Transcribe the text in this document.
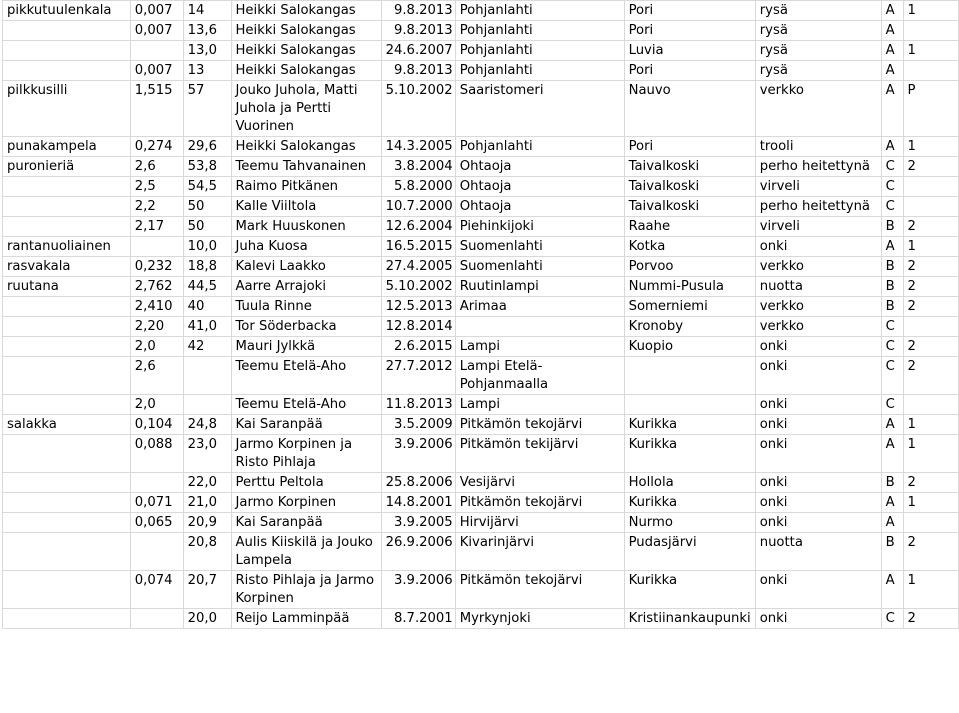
pikkutuulenkala	0,007	14	Heikki Salokangas	9.8.2013	Pohjanlahti	Pori	rysä	A	1
	0,007	13,6	Heikki Salokangas	9.8.2013	Pohjanlahti	Pori	rysä	A	
		13,0	Heikki Salokangas	24.6.2007	Pohjanlahti	Luvia	rysä	A	1
	0,007	13	Heikki Salokangas	9.8.2013	Pohjanlahti	Pori	rysä	A	
pilkkusilli	1,515	57	Jouko Juhola, Matti Juhola ja Pertti Vuorinen	5.10.2002	Saaristomeri	Nauvo	verkko	A	P
punakampela	0,274	29,6	Heikki Salokangas	14.3.2005	Pohjanlahti	Pori	trooli	A	1
puronieriä	2,6	53,8	Teemu Tahvanainen	3.8.2004	Ohtaoja	Taivalkoski	perho heitettynä	C	2
	2,5	54,5	Raimo Pitkänen	5.8.2000	Ohtaoja	Taivalkoski	virveli	C	
	2,2	50	Kalle Viiltola	10.7.2000	Ohtaoja	Taivalkoski	perho heitettynä	C	
	2,17	50	Mark Huuskonen	12.6.2004	Piehinkijoki	Raahe	virveli	B	2
rantanuoliainen		10,0	Juha Kuosa	16.5.2015	Suomenlahti	Kotka	onki	A	1
rasvakala	0,232	18,8	Kalevi Laakko	27.4.2005	Suomenlahti	Porvoo	verkko	B	2
ruutana	2,762	44,5	Aarre Arrajoki	5.10.2002	Ruutinlampi	Nummi-Pusula	nuotta	B	2
	2,410	40	Tuula Rinne	12.5.2013	Arimaa	Somerniemi	verkko	B	2
	2,20	41,0	Tor Söderbacka	12.8.2014		Kronoby	verkko	C	
	2,0	42	Mauri Jylkkä	2.6.2015	Lampi	Kuopio	onki	C	2
	2,6		Teemu Etelä-Aho	27.7.2012	Lampi Etelä-Pohjanmaalla		onki	C	2
	2,0		Teemu Etelä-Aho	11.8.2013	Lampi		onki	C	
salakka	0,104	24,8	Kai Saranpää	3.5.2009	Pitkämön tekojärvi	Kurikka	onki	A	1
	0,088	23,0	Jarmo Korpinen ja Risto Pihlaja	3.9.2006	Pitkämön tekijärvi	Kurikka	onki	A	1
		22,0	Perttu Peltola	25.8.2006	Vesijärvi	Hollola	onki	B	2
	0,071	21,0	Jarmo Korpinen	14.8.2001	Pitkämön tekojärvi	Kurikka	onki	A	1
	0,065	20,9	Kai Saranpää	3.9.2005	Hirvijärvi	Nurmo	onki	A	
		20,8	Aulis Kiiskilä ja Jouko Lampela	26.9.2006	Kivarinjärvi	Pudasjärvi	nuotta	B	2
	0,074	20,7	Risto Pihlaja ja Jarmo Korpinen	3.9.2006	Pitkämön tekojärvi	Kurikka	onki	A	1
		20,0	Reijo Lamminpää	8.7.2001	Myrkynjoki	Kristiinankaupunki	onki	C	2
